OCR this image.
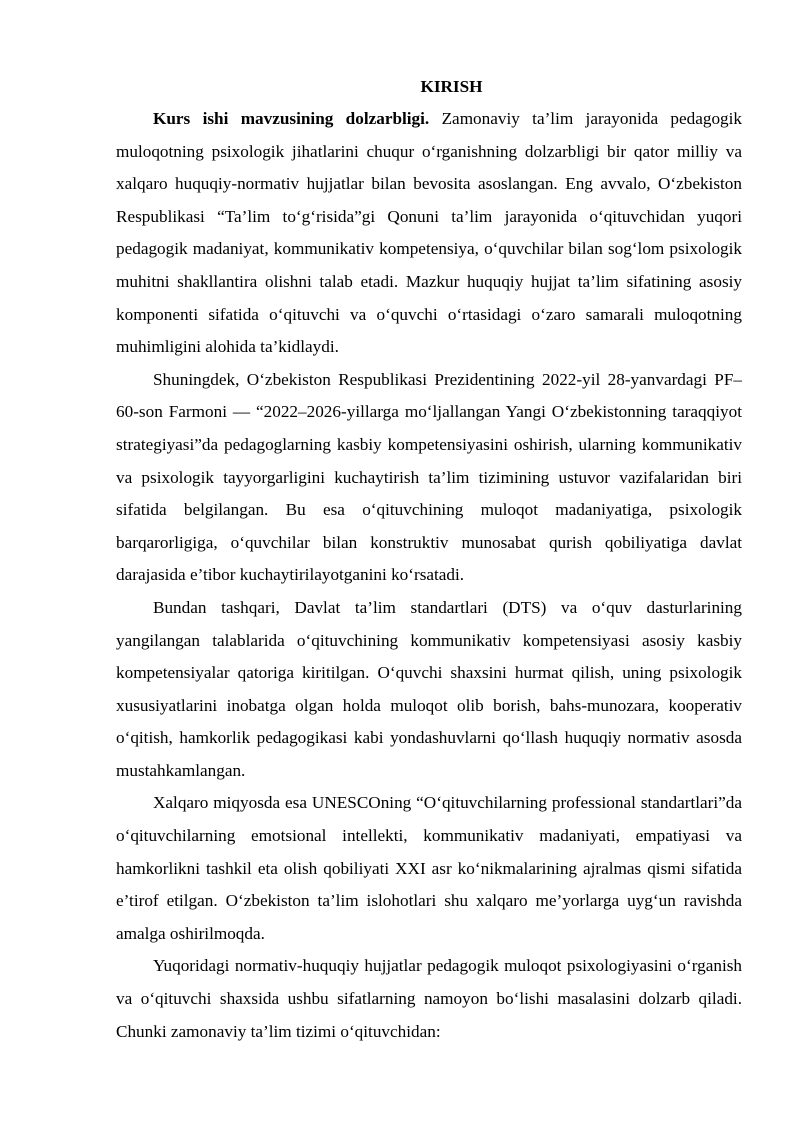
KIRISH

Kurs ishi mavzusining dolzarbligi. Zamonaviy ta’lim jarayonida pedagogik muloqotning psixologik jihatlarini chuqur o‘rganishning dolzarbligi bir qator milliy va xalqaro huquqiy-normativ hujjatlar bilan bevosita asoslangan. Eng avvalo, O‘zbekiston Respublikasi “Ta’lim to‘g‘risida”gi Qonuni ta’lim jarayonida o‘qituvchidan yuqori pedagogik madaniyat, kommunikativ kompetensiya, o‘quvchilar bilan sog‘lom psixologik muhitni shakllantira olishni talab etadi. Mazkur huquqiy hujjat ta’lim sifatining asosiy komponenti sifatida o‘qituvchi va o‘quvchi o‘rtasidagi o‘zaro samarali muloqotning muhimligini alohida ta’kidlaydi.

Shuningdek, O‘zbekiston Respublikasi Prezidentining 2022-yil 28-yanvardagi PF–60-son Farmoni — “2022–2026-yillarga mo‘ljallangan Yangi O‘zbekistonning taraqqiyot strategiyasi”da pedagoglarning kasbiy kompetensiyasini oshirish, ularning kommunikativ va psixologik tayyorgarligini kuchaytirish ta’lim tizimining ustuvor vazifalaridan biri sifatida belgilangan. Bu esa o‘qituvchining muloqot madaniyatiga, psixologik barqarorligiga, o‘quvchilar bilan konstruktiv munosabat qurish qobiliyatiga davlat darajasida e’tibor kuchaytirilayotganini ko‘rsatadi.

Bundan tashqari, Davlat ta’lim standartlari (DTS) va o‘quv dasturlarining yangilangan talablarida o‘qituvchining kommunikativ kompetensiyasi asosiy kasbiy kompetensiyalar qatoriga kiritilgan. O‘quvchi shaxsini hurmat qilish, uning psixologik xususiyatlarini inobatga olgan holda muloqot olib borish, bahs-munozara, kooperativ o‘qitish, hamkorlik pedagogikasi kabi yondashuvlarni qo‘llash huquqiy normativ asosda mustahkamlangan.

Xalqaro miqyosda esa UNESCOning “O‘qituvchilarning professional standartlari”da o‘qituvchilarning emotsional intellekti, kommunikativ madaniyati, empatiyasi va hamkorlikni tashkil eta olish qobiliyati XXI asr ko‘nikmalarining ajralmas qismi sifatida e’tirof etilgan. O‘zbekiston ta’lim islohotlari shu xalqaro me’yorlarga uyg‘un ravishda amalga oshirilmoqda.

Yuqoridagi normativ-huquqiy hujjatlar pedagogik muloqot psixologiyasini o‘rganish va o‘qituvchi shaxsida ushbu sifatlarning namoyon bo‘lishi masalasini dolzarb qiladi. Chunki zamonaviy ta’lim tizimi o‘qituvchidan:
